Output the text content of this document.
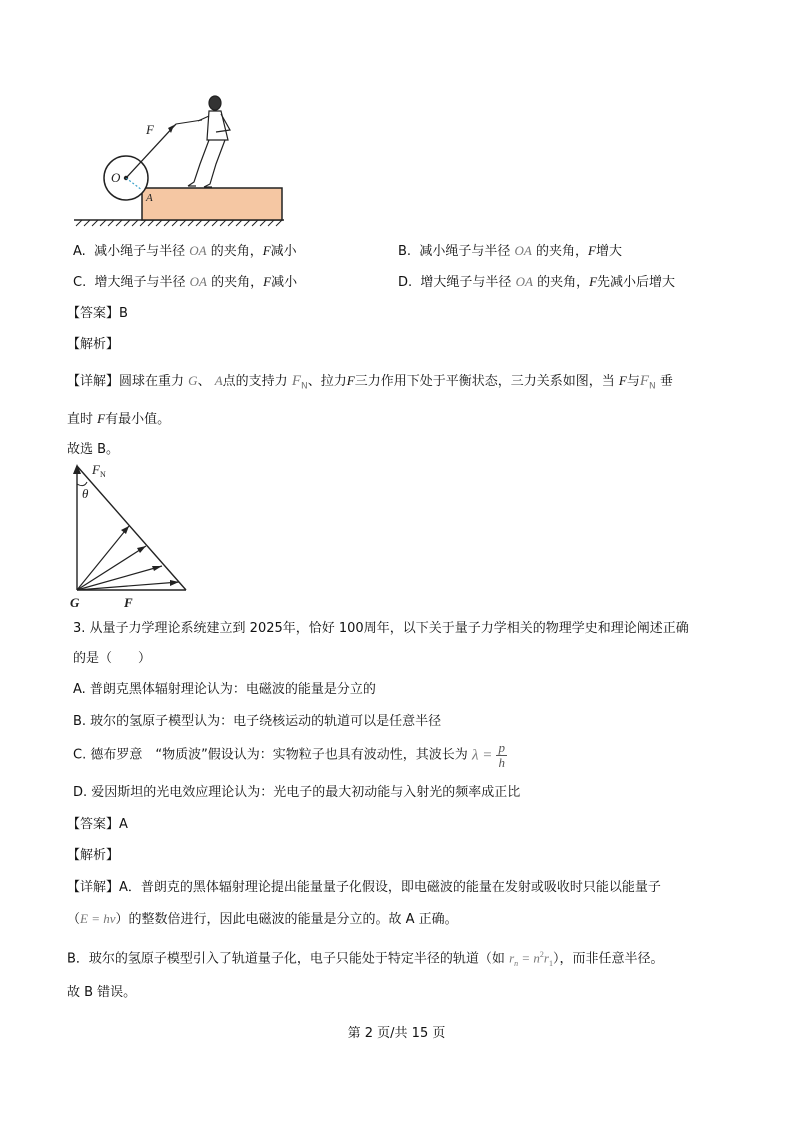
F
O
A
A. 减小绳子与半径 OA 的夹角，F减小	B. 减小绳子与半径 OA 的夹角，F增大
C. 增大绳子与半径 OA 的夹角，F减小	D. 增大绳子与半径 OA 的夹角，F先减小后增大
【答案】B
【解析】
【详解】圆球在重力 G、 A点的支持力 $F_N$、拉力F三力作用下处于平衡状态，三力关系如图，当 F与$F_N$ 垂
直时 F有最小值。
故选 B。
$F_N$
θ
G	F
3. 从量子力学理论系统建立到 2025年，恰好 100周年，以下关于量子力学相关的物理学史和理论阐述正确
的是（　　）
A. 普朗克黑体辐射理论认为：电磁波的能量是分立的
B. 玻尔的氢原子模型认为：电子绕核运动的轨道可以是任意半径
C. 德布罗意　“物质波”假设认为：实物粒子也具有波动性，其波长为 $\lambda = \frac{p}{h}$
D. 爱因斯坦的光电效应理论认为：光电子的最大初动能与入射光的频率成正比
【答案】A
【解析】
【详解】A．普朗克的黑体辐射理论提出能量量子化假设，即电磁波的能量在发射或吸收时只能以能量子
（E = hν）的整数倍进行，因此电磁波的能量是分立的。故 A 正确。
B．玻尔的氢原子模型引入了轨道量子化，电子只能处于特定半径的轨道（如 $r_n = n^2r_1$），而非任意半径。
故 B 错误。
第 2 页/共 15 页
